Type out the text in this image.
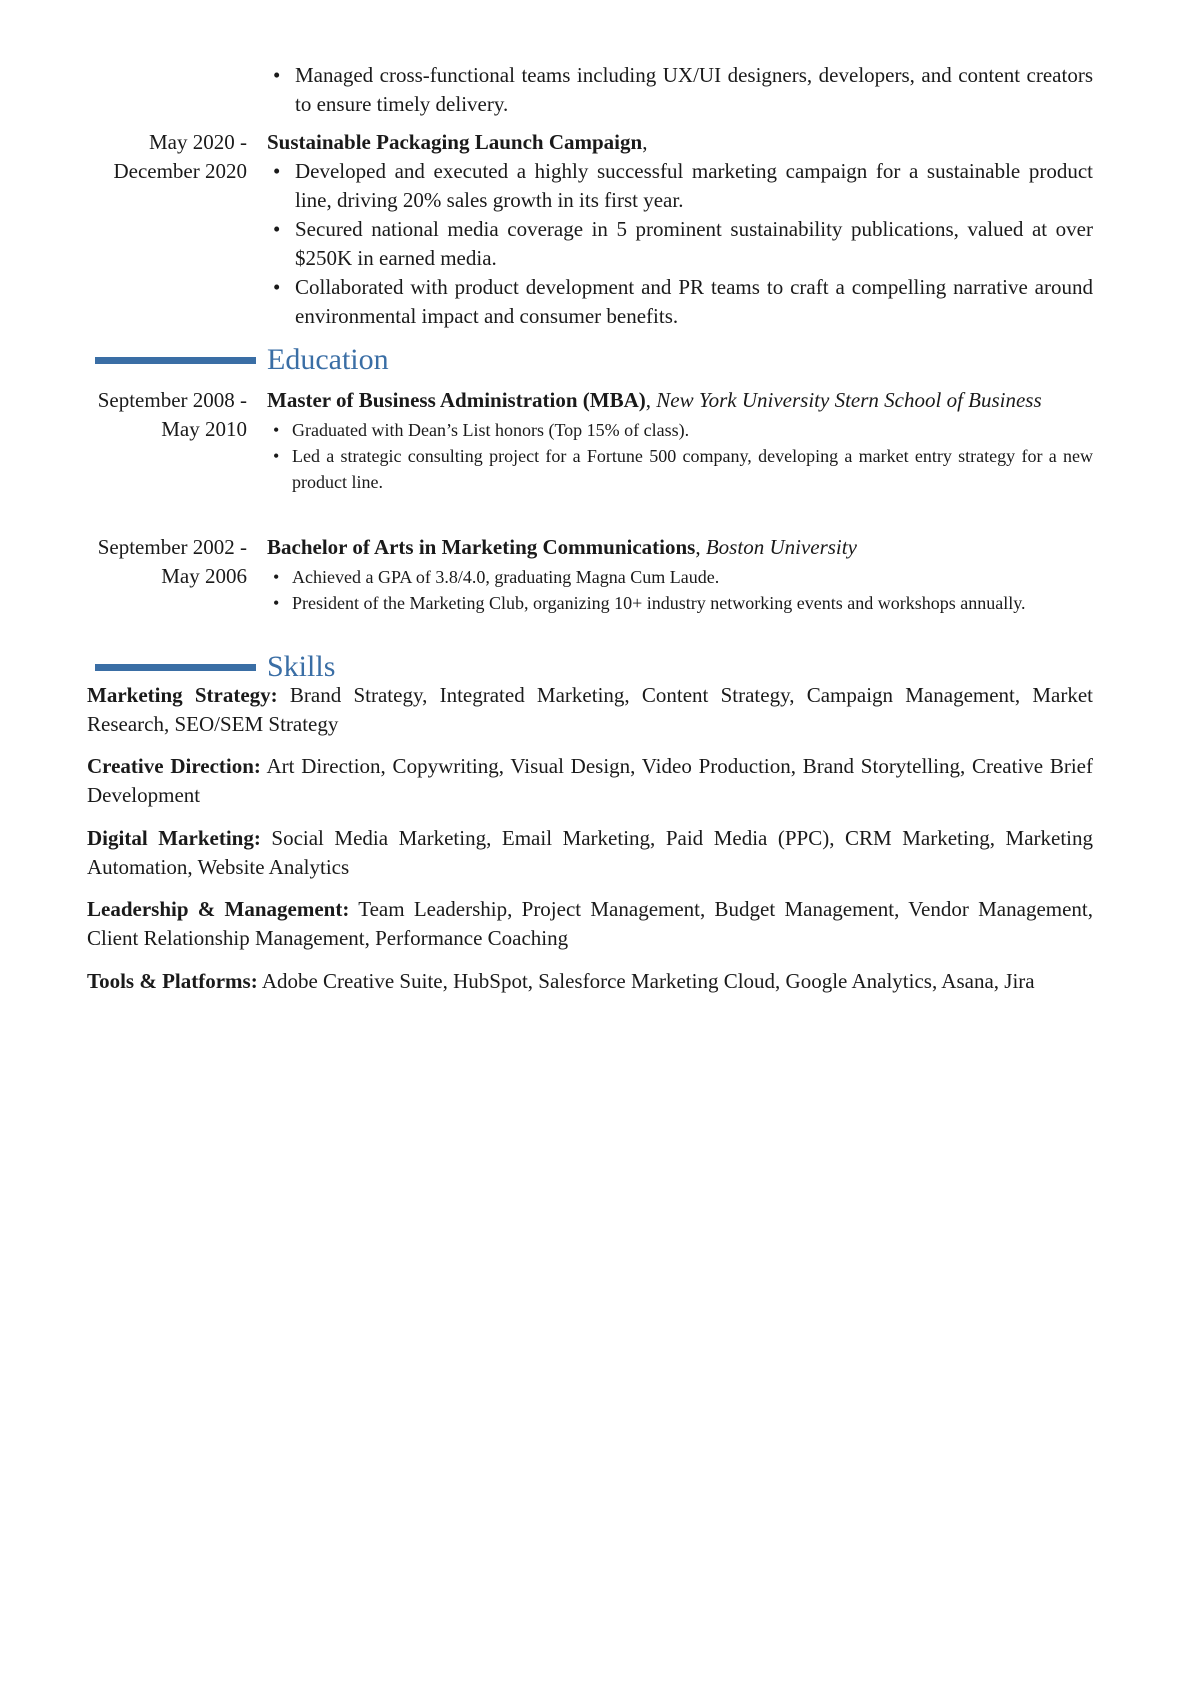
• Managed cross-functional teams including UX/UI designers, developers, and content creators to ensure timely delivery.
May 2020 - December 2020
Sustainable Packaging Launch Campaign,
• Developed and executed a highly successful marketing campaign for a sustainable product line, driving 20% sales growth in its first year.
• Secured national media coverage in 5 prominent sustainability publications, valued at over $250K in earned media.
• Collaborated with product development and PR teams to craft a compelling narrative around environmental impact and consumer benefits.
Education
September 2008 - May 2010
Master of Business Administration (MBA), New York University Stern School of Business
• Graduated with Dean’s List honors (Top 15% of class).
• Led a strategic consulting project for a Fortune 500 company, developing a market entry strategy for a new product line.
September 2002 - May 2006
Bachelor of Arts in Marketing Communications, Boston University
• Achieved a GPA of 3.8/4.0, graduating Magna Cum Laude.
• President of the Marketing Club, organizing 10+ industry networking events and workshops annually.
Skills
Marketing Strategy: Brand Strategy, Integrated Marketing, Content Strategy, Campaign Management, Market Research, SEO/SEM Strategy
Creative Direction: Art Direction, Copywriting, Visual Design, Video Production, Brand Storytelling, Creative Brief Development
Digital Marketing: Social Media Marketing, Email Marketing, Paid Media (PPC), CRM Marketing, Marketing Automation, Website Analytics
Leadership & Management: Team Leadership, Project Management, Budget Management, Vendor Management, Client Relationship Management, Performance Coaching
Tools & Platforms: Adobe Creative Suite, HubSpot, Salesforce Marketing Cloud, Google Analytics, Asana, Jira
